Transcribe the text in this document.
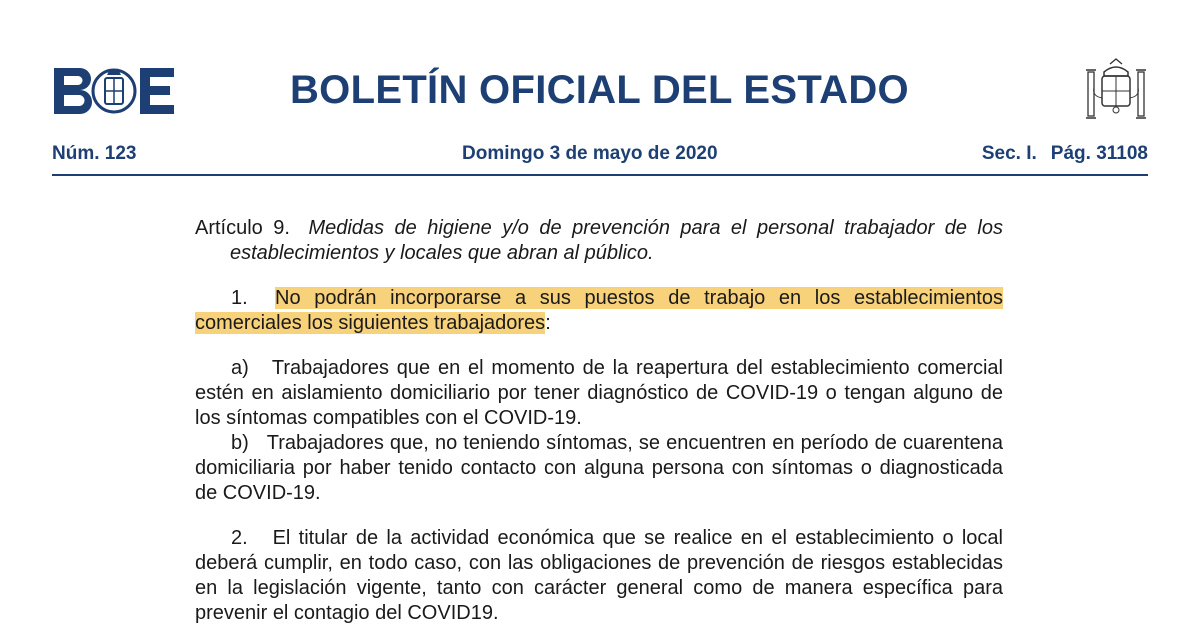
BOLETÍN OFICIAL DEL ESTADO
Núm. 123	Domingo 3 de mayo de 2020	Sec. I. Pág. 31108

Artículo 9. Medidas de higiene y/o de prevención para el personal trabajador de los establecimientos y locales que abran al público.

1. No podrán incorporarse a sus puestos de trabajo en los establecimientos comerciales los siguientes trabajadores:

a) Trabajadores que en el momento de la reapertura del establecimiento comercial estén en aislamiento domiciliario por tener diagnóstico de COVID-19 o tengan alguno de los síntomas compatibles con el COVID-19.

b) Trabajadores que, no teniendo síntomas, se encuentren en período de cuarentena domiciliaria por haber tenido contacto con alguna persona con síntomas o diagnosticada de COVID-19.

2. El titular de la actividad económica que se realice en el establecimiento o local deberá cumplir, en todo caso, con las obligaciones de prevención de riesgos establecidas en la legislación vigente, tanto con carácter general como de manera específica para prevenir el contagio del COVID19.
